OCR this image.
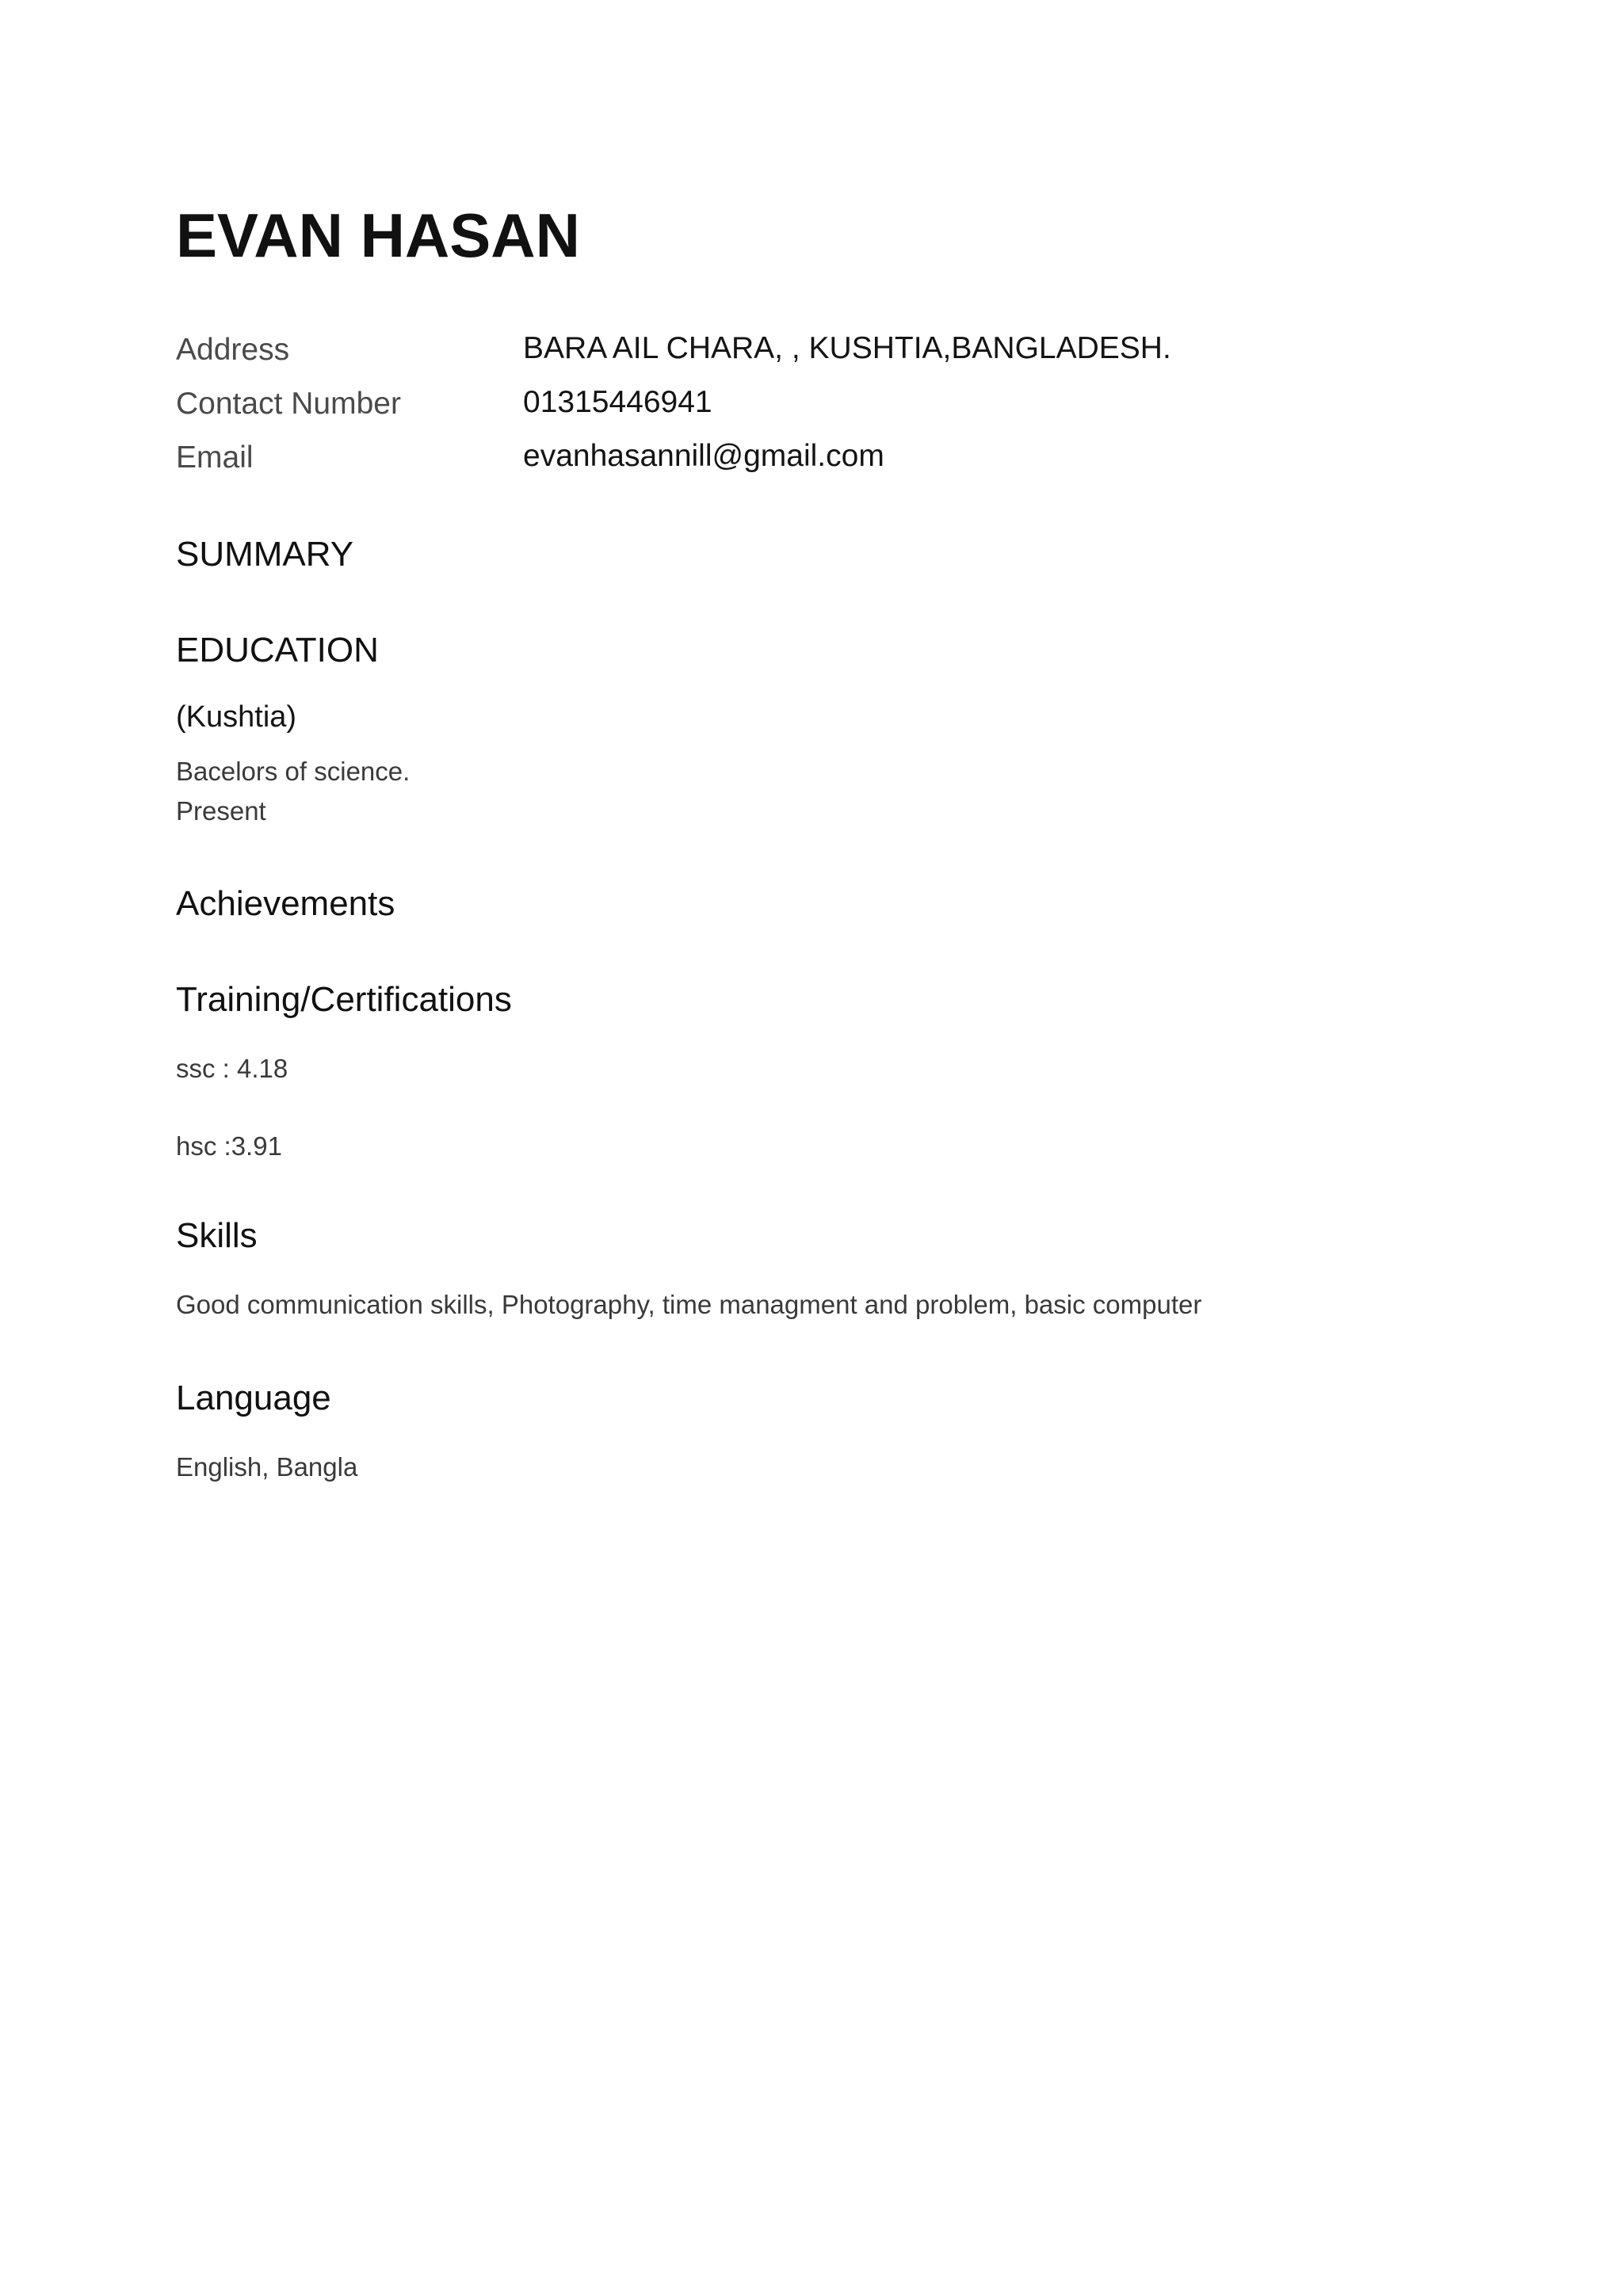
EVAN HASAN
Address	BARA AIL CHARA, , KUSHTIA,BANGLADESH.
Contact Number	01315446941
Email	evanhasannill@gmail.com
SUMMARY
EDUCATION
(Kushtia)
Bacelors of science.
Present
Achievements
Training/Certifications
ssc : 4.18
hsc :3.91
Skills
Good communication skills, Photography, time managment and problem, basic computer
Language
English, Bangla
